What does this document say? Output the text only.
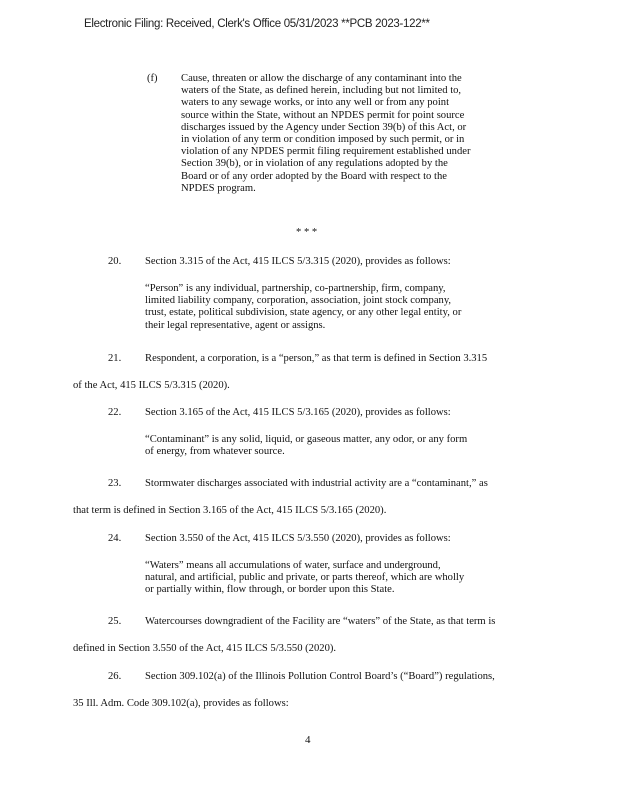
Electronic Filing: Received, Clerk's Office 05/31/2023 **PCB 2023-122**
(f) Cause, threaten or allow the discharge of any contaminant into the
waters of the State, as defined herein, including but not limited to,
waters to any sewage works, or into any well or from any point
source within the State, without an NPDES permit for point source
discharges issued by the Agency under Section 39(b) of this Act, or
in violation of any term or condition imposed by such permit, or in
violation of any NPDES permit filing requirement established under
Section 39(b), or in violation of any regulations adopted by the
Board or of any order adopted by the Board with respect to the
NPDES program.
* * *
20. Section 3.315 of the Act, 415 ILCS 5/3.315 (2020), provides as follows:
“Person” is any individual, partnership, co-partnership, firm, company,
limited liability company, corporation, association, joint stock company,
trust, estate, political subdivision, state agency, or any other legal entity, or
their legal representative, agent or assigns.
21. Respondent, a corporation, is a “person,” as that term is defined in Section 3.315
of the Act, 415 ILCS 5/3.315 (2020).
22. Section 3.165 of the Act, 415 ILCS 5/3.165 (2020), provides as follows:
“Contaminant” is any solid, liquid, or gaseous matter, any odor, or any form
of energy, from whatever source.
23. Stormwater discharges associated with industrial activity are a “contaminant,” as
that term is defined in Section 3.165 of the Act, 415 ILCS 5/3.165 (2020).
24. Section 3.550 of the Act, 415 ILCS 5/3.550 (2020), provides as follows:
“Waters” means all accumulations of water, surface and underground,
natural, and artificial, public and private, or parts thereof, which are wholly
or partially within, flow through, or border upon this State.
25. Watercourses downgradient of the Facility are “waters” of the State, as that term is
defined in Section 3.550 of the Act, 415 ILCS 5/3.550 (2020).
26. Section 309.102(a) of the Illinois Pollution Control Board’s (“Board”) regulations,
35 Ill. Adm. Code 309.102(a), provides as follows:
4
